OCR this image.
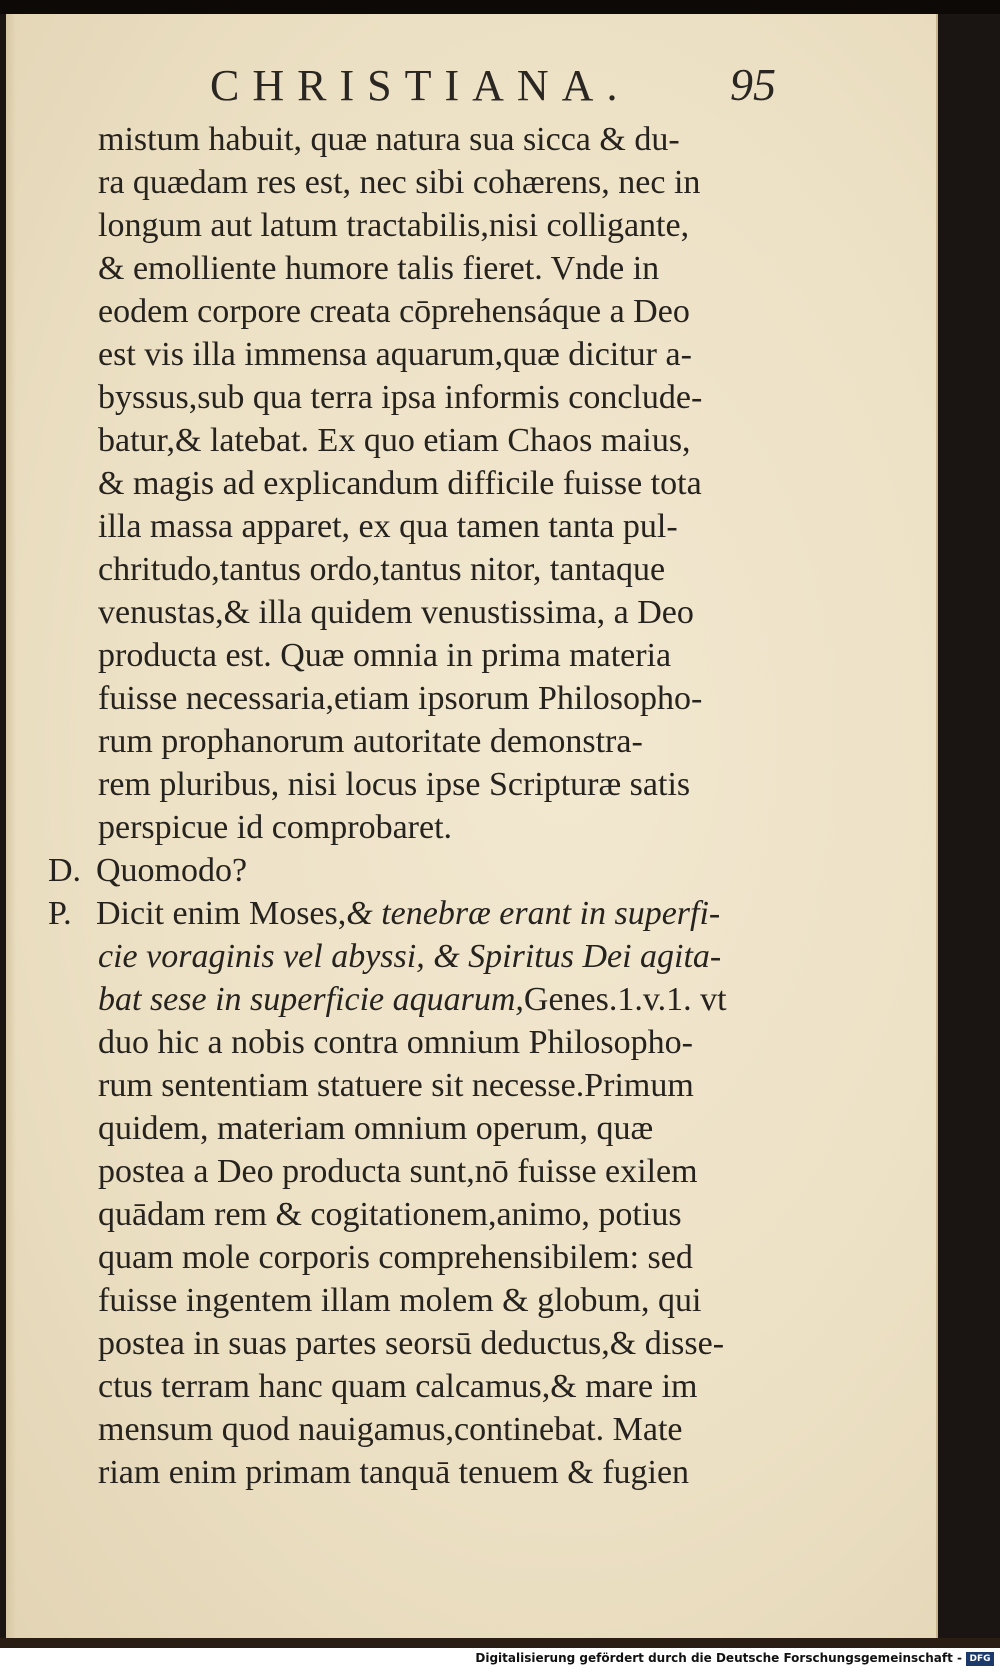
CHRISTIANA. 95
mistum habuit, quæ natura sua sicca & du-
ra quædam res est, nec sibi cohærens, nec in
longum aut latum tractabilis,nisi colligante,
& emolliente humore talis fieret. Vnde in
eodem corpore creata cōprehensáque a Deo
est vis illa immensa aquarum,quæ dicitur a-
byssus,sub qua terra ipsa informis conclude-
batur,& latebat. Ex quo etiam Chaos maius,
& magis ad explicandum difficile fuisse tota
illa massa apparet, ex qua tamen tanta pul-
chritudo,tantus ordo,tantus nitor, tantaque
venustas,& illa quidem venustissima, a Deo
producta est. Quæ omnia in prima materia
fuisse necessaria,etiam ipsorum Philosopho-
rum prophanorum autoritate demonstra-
rem pluribus, nisi locus ipse Scripturæ satis
perspicue id comprobaret.
D. Quomodo?
P. Dicit enim Moses,& tenebræ erant in superfi-
cie voraginis vel abyssi, & Spiritus Dei agita-
bat sese in superficie aquarum,Genes.1.v.1. vt
duo hic a nobis contra omnium Philosopho-
rum sententiam statuere sit necesse.Primum
quidem, materiam omnium operum, quæ
postea a Deo producta sunt,nō fuisse exilem
quādam rem & cogitationem,animo, potius
quam mole corporis comprehensibilem: sed
fuisse ingentem illam molem & globum, qui
postea in suas partes seorsū deductus,& disse-
ctus terram hanc quam calcamus,& mare im
mensum quod nauigamus,continebat. Mate
riam enim primam tanquā tenuem & fugien
Digitalisierung gefördert durch die Deutsche Forschungsgemeinschaft - DFG
